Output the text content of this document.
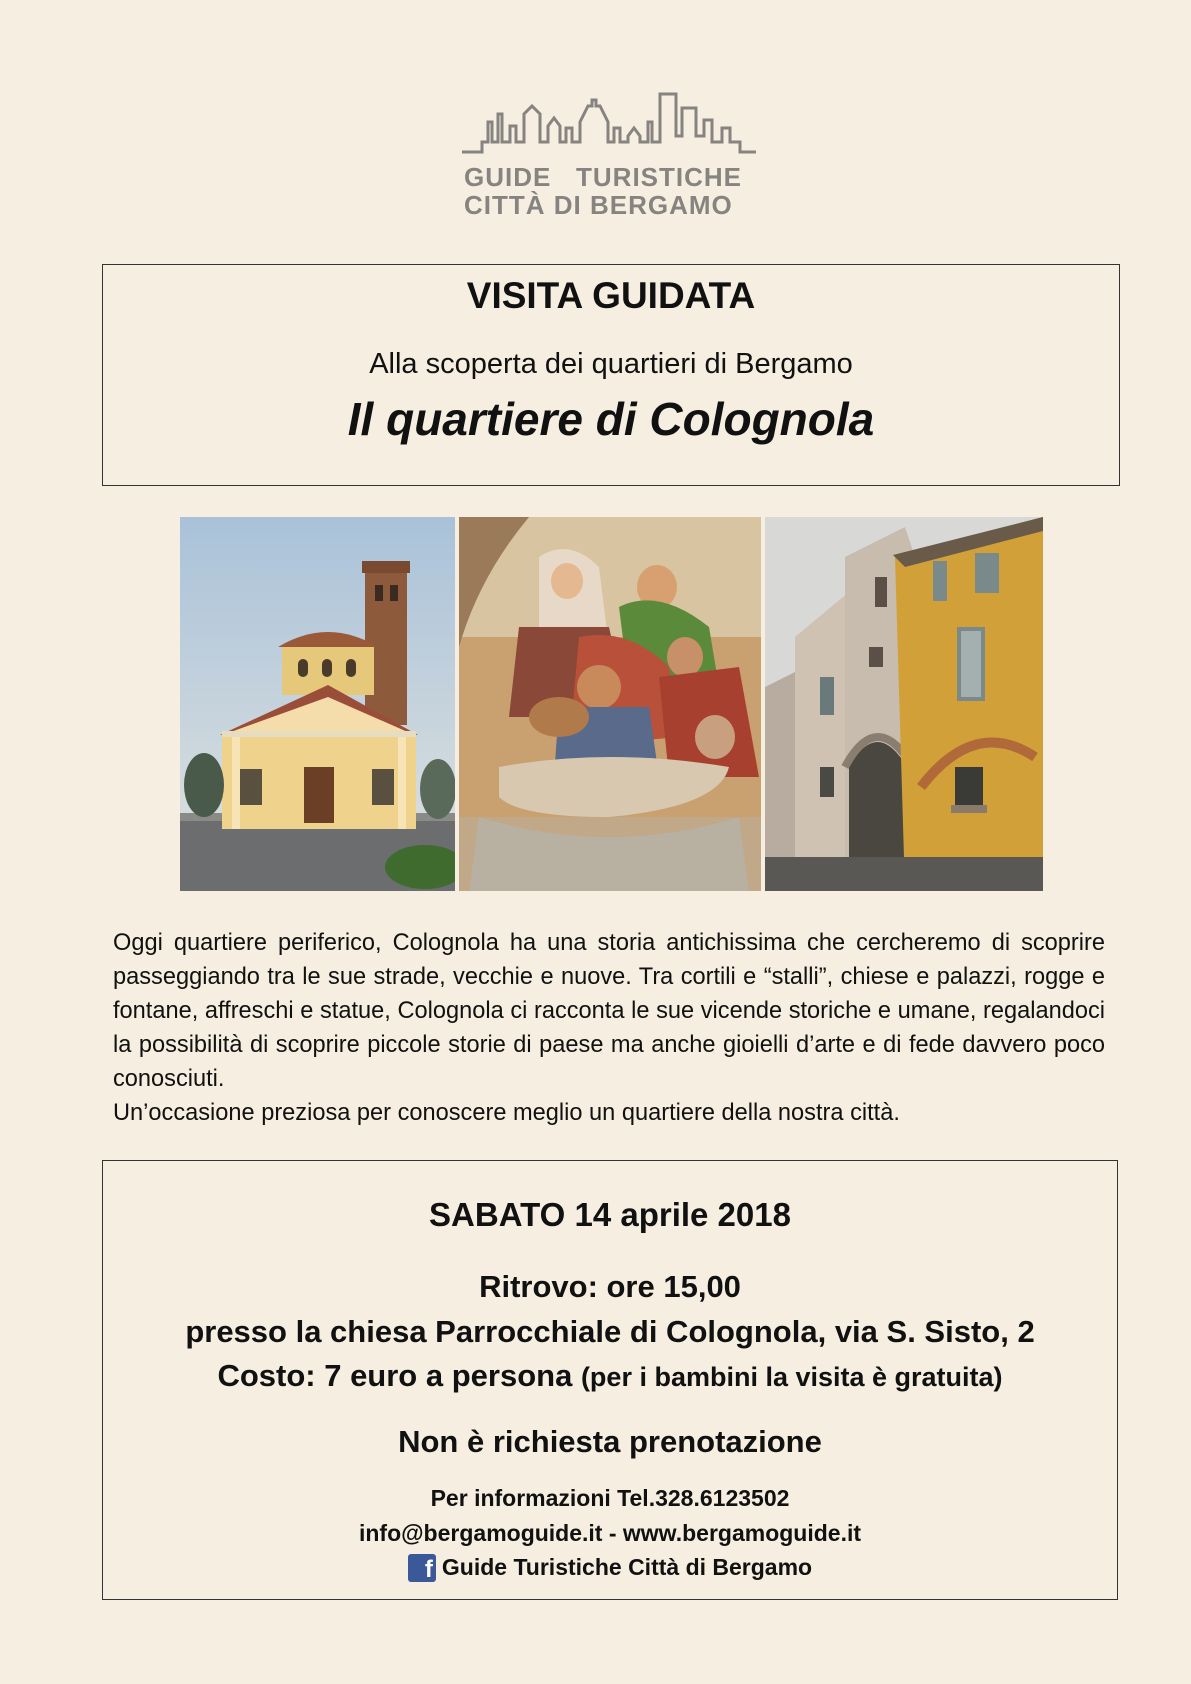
GUIDE   TURISTICHE
CITTÀ DI BERGAMO
VISITA GUIDATA
Alla scoperta dei quartieri di Bergamo
Il quartiere di Colognola

Oggi quartiere periferico, Colognola ha una storia antichissima che cercheremo di scoprire passeggiando tra le sue strade, vecchie e nuove. Tra cortili e “stalli”, chiese e palazzi, rogge e fontane, affreschi e statue, Colognola ci racconta le sue vicende storiche e umane, regalandoci la possibilità di scoprire piccole storie di paese ma anche gioielli d’arte e di fede davvero poco conosciuti.

Un’occasione preziosa per conoscere meglio un quartiere della nostra città.

SABATO 14 aprile 2018
Ritrovo: ore 15,00
presso la chiesa Parrocchiale di Colognola, via S. Sisto, 2
Costo: 7 euro a persona (per i bambini la visita è gratuita)
Non è richiesta prenotazione
Per informazioni Tel.328.6123502
info@bergamoguide.it - www.bergamoguide.it
f Guide Turistiche Città di Bergamo
